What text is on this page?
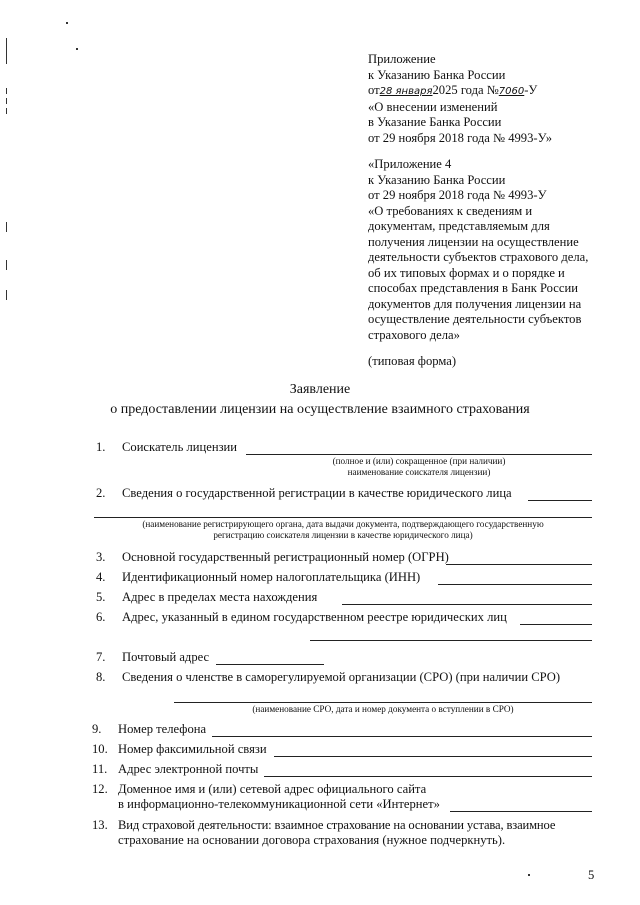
Приложение
к Указанию Банка России
от28 января2025 года №7060-У
«О внесении изменений
в Указание Банка России
от 29 ноября 2018 года № 4993-У»
«Приложение 4
к Указанию Банка России
от 29 ноября 2018 года № 4993-У
«О требованиях к сведениям и
документам, представляемым для
получения лицензии на осуществление
деятельности субъектов страхового дела,
об их типовых формах и о порядке и
способах представления в Банк России
документов для получения лицензии на
осуществление деятельности субъектов
страхового дела»
(типовая форма)
Заявление
о предоставлении лицензии на осуществление взаимного страхования
1. Соискатель лицензии
(полное и (или) сокращенное (при наличии)
наименование соискателя лицензии)
2. Сведения о государственной регистрации в качестве юридического лица
(наименование регистрирующего органа, дата выдачи документа, подтверждающего государственную
регистрацию соискателя лицензии в качестве юридического лица)
3. Основной государственный регистрационный номер (ОГРН)
4. Идентификационный номер налогоплательщика (ИНН)
5. Адрес в пределах места нахождения
6. Адрес, указанный в едином государственном реестре юридических лиц
7. Почтовый адрес
8. Сведения о членстве в саморегулируемой организации (СРО) (при наличии СРО)
(наименование СРО, дата и номер документа о вступлении в СРО)
9. Номер телефона
10. Номер факсимильной связи
11. Адрес электронной почты
12. Доменное имя и (или) сетевой адрес официального сайта
в информационно-телекоммуникационной сети «Интернет»
13. Вид страховой деятельности: взаимное страхование на основании устава, взаимное
страхование на основании договора страхования (нужное подчеркнуть).
5
